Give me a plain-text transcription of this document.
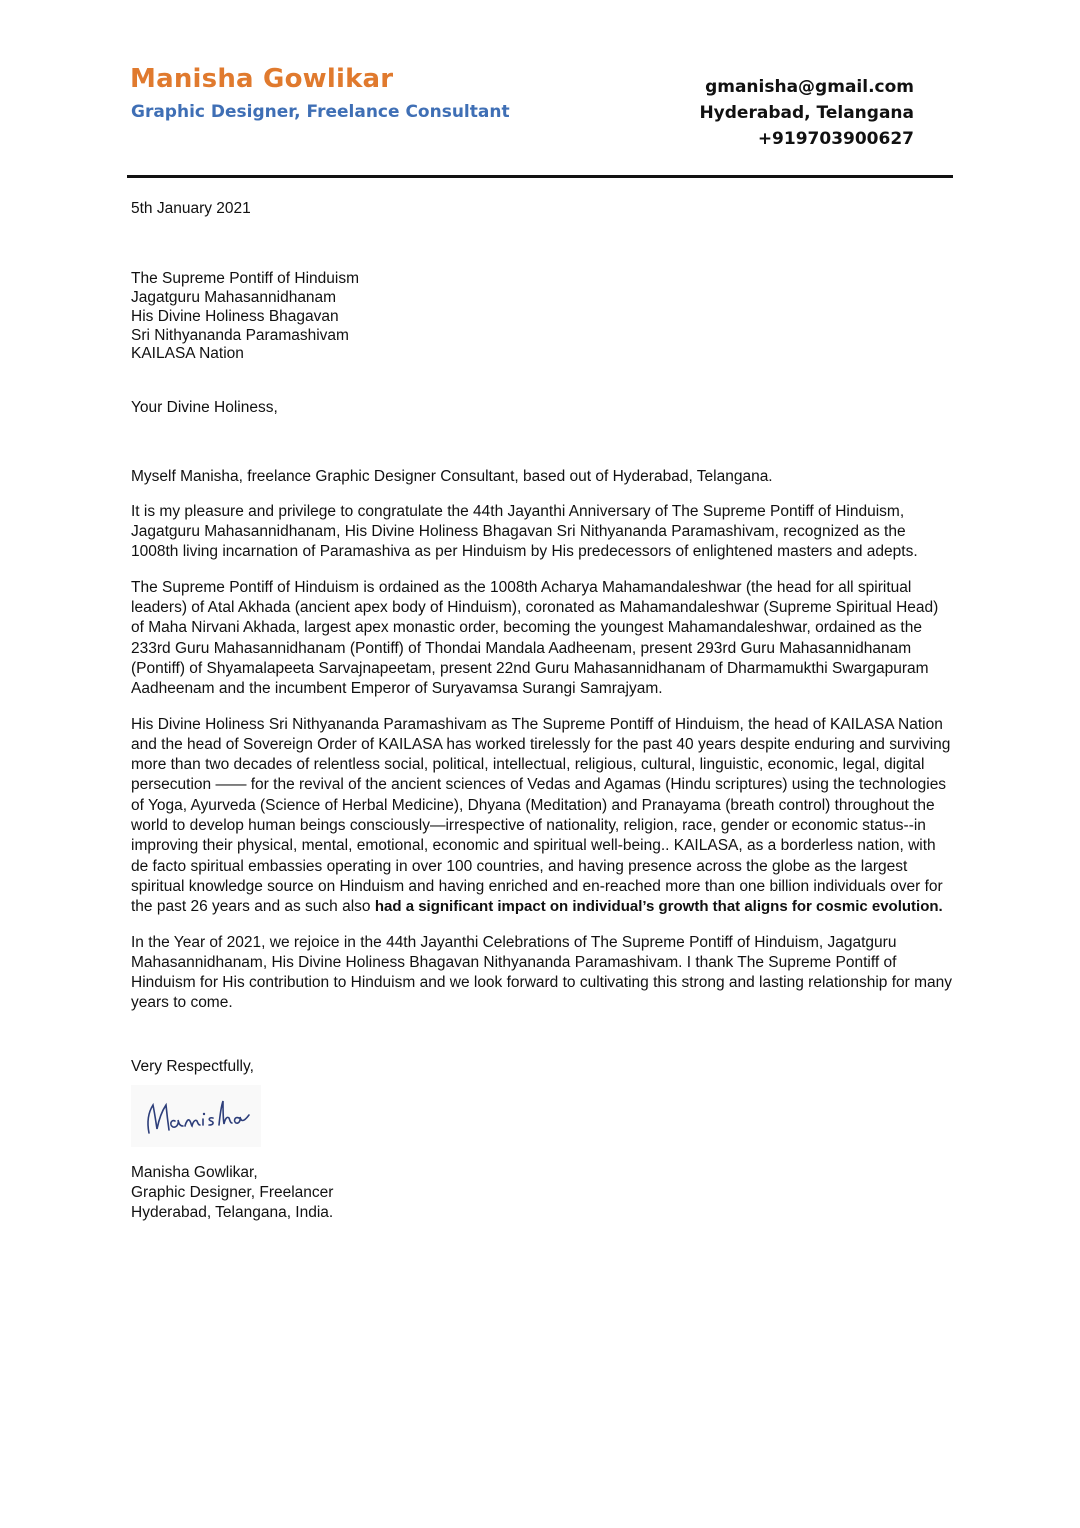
Manisha Gowlikar
Graphic Designer, Freelance Consultant
gmanisha@gmail.com
Hyderabad, Telangana
+919703900627
5th January 2021
The Supreme Pontiff of Hinduism
Jagatguru Mahasannidhanam
His Divine Holiness Bhagavan
Sri Nithyananda Paramashivam
KAILASA Nation
Your Divine Holiness,
Myself Manisha, freelance Graphic Designer Consultant, based out of Hyderabad, Telangana.

It is my pleasure and privilege to congratulate the 44th Jayanthi Anniversary of The Supreme Pontiff of Hinduism, Jagatguru Mahasannidhanam, His Divine Holiness Bhagavan Sri Nithyananda Paramashivam, recognized as the 1008th living incarnation of Paramashiva as per Hinduism by His predecessors of enlightened masters and adepts.

The Supreme Pontiff of Hinduism is ordained as the 1008th Acharya Mahamandaleshwar (the head for all spiritual leaders) of Atal Akhada (ancient apex body of Hinduism), coronated as Mahamandaleshwar (Supreme Spiritual Head) of Maha Nirvani Akhada, largest apex monastic order, becoming the youngest Mahamandaleshwar, ordained as the 233rd Guru Mahasannidhanam (Pontiff) of Thondai Mandala Aadheenam, present 293rd Guru Mahasannidhanam (Pontiff) of Shyamalapeeta Sarvajnapeetam, present 22nd Guru Mahasannidhanam of Dharmamukthi Swargapuram Aadheenam and the incumbent Emperor of Suryavamsa Surangi Samrajyam.

His Divine Holiness Sri Nithyananda Paramashivam as The Supreme Pontiff of Hinduism, the head of KAILASA Nation and the head of Sovereign Order of KAILASA has worked tirelessly for the past 40 years despite enduring and surviving more than two decades of relentless social, political, intellectual, religious, cultural, linguistic, economic, legal, digital persecution —— for the revival of the ancient sciences of Vedas and Agamas (Hindu scriptures) using the technologies of Yoga, Ayurveda (Science of Herbal Medicine), Dhyana (Meditation) and Pranayama (breath control) throughout the world to develop human beings consciously—irrespective of nationality, religion, race, gender or economic status--in improving their physical, mental, emotional, economic and spiritual well-being.. KAILASA, as a borderless nation, with de facto spiritual embassies operating in over 100 countries, and having presence across the globe as the largest spiritual knowledge source on Hinduism and having enriched and en-reached more than one billion individuals over for the past 26 years and as such also had a significant impact on individual’s growth that aligns for cosmic evolution.

In the Year of 2021, we rejoice in the 44th Jayanthi Celebrations of The Supreme Pontiff of Hinduism, Jagatguru Mahasannidhanam, His Divine Holiness Bhagavan Nithyananda Paramashivam. I thank The Supreme Pontiff of Hinduism for His contribution to Hinduism and we look forward to cultivating this strong and lasting relationship for many years to come.

Very Respectfully,
Manisha Gowlikar,
Graphic Designer, Freelancer
Hyderabad, Telangana, India.
